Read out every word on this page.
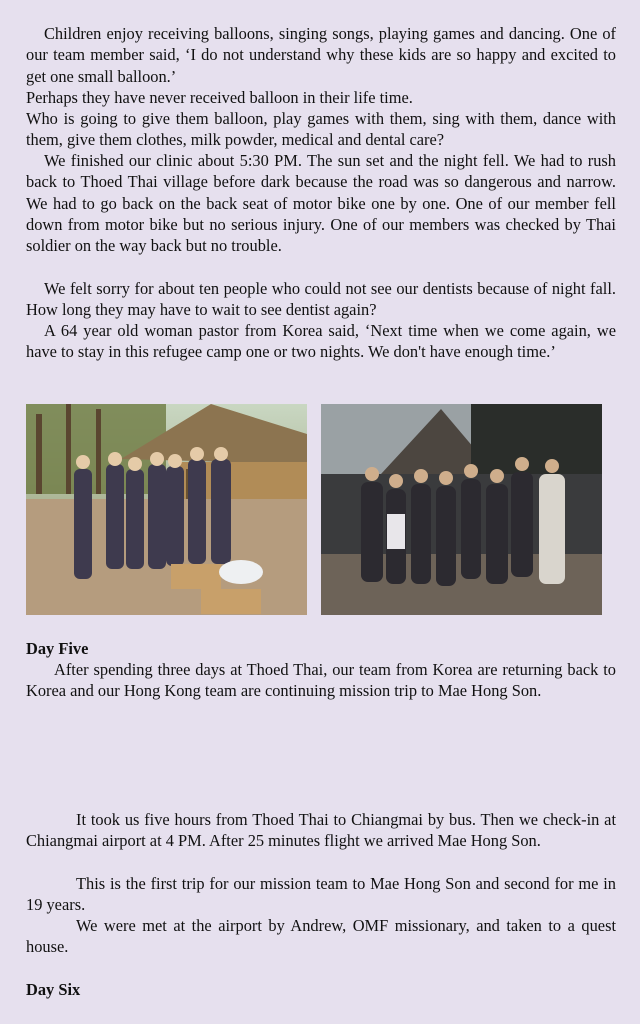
Children enjoy receiving balloons, singing songs, playing games and dancing. One of our team member said, ‘I do not understand why these kids are so happy and excited to get one small balloon.’

Perhaps they have never received balloon in their life time.

Who is going to give them balloon, play games with them, sing with them, dance with them, give them clothes, milk powder, medical and dental care?

We finished our clinic about 5:30 PM. The sun set and the night fell. We had to rush back to Thoed Thai village before dark because the road was so dangerous and narrow. We had to go back on the back seat of motor bike one by one. One of our member fell down from motor bike but no serious injury. One of our members was checked by Thai soldier on the way back but no trouble.

We felt sorry for about ten people who could not see our dentists because of night fall. How long they may have to wait to see dentist again?

A 64 year old woman pastor from Korea said, ‘Next time when we come again, we have to stay in this refugee camp one or two nights. We don't have enough time.’

Day Five

After spending three days at Thoed Thai, our team from Korea are returning back to Korea and our Hong Kong team are continuing mission trip to Mae Hong Son.

It took us five hours from Thoed Thai to Chiangmai by bus. Then we check-in at Chiangmai airport at 4 PM. After 25 minutes flight we arrived Mae Hong Son.

This is the first trip for our mission team to Mae Hong Son and second for me in 19 years.

We were met at the airport by Andrew, OMF missionary, and taken to a quest house.

Day Six
